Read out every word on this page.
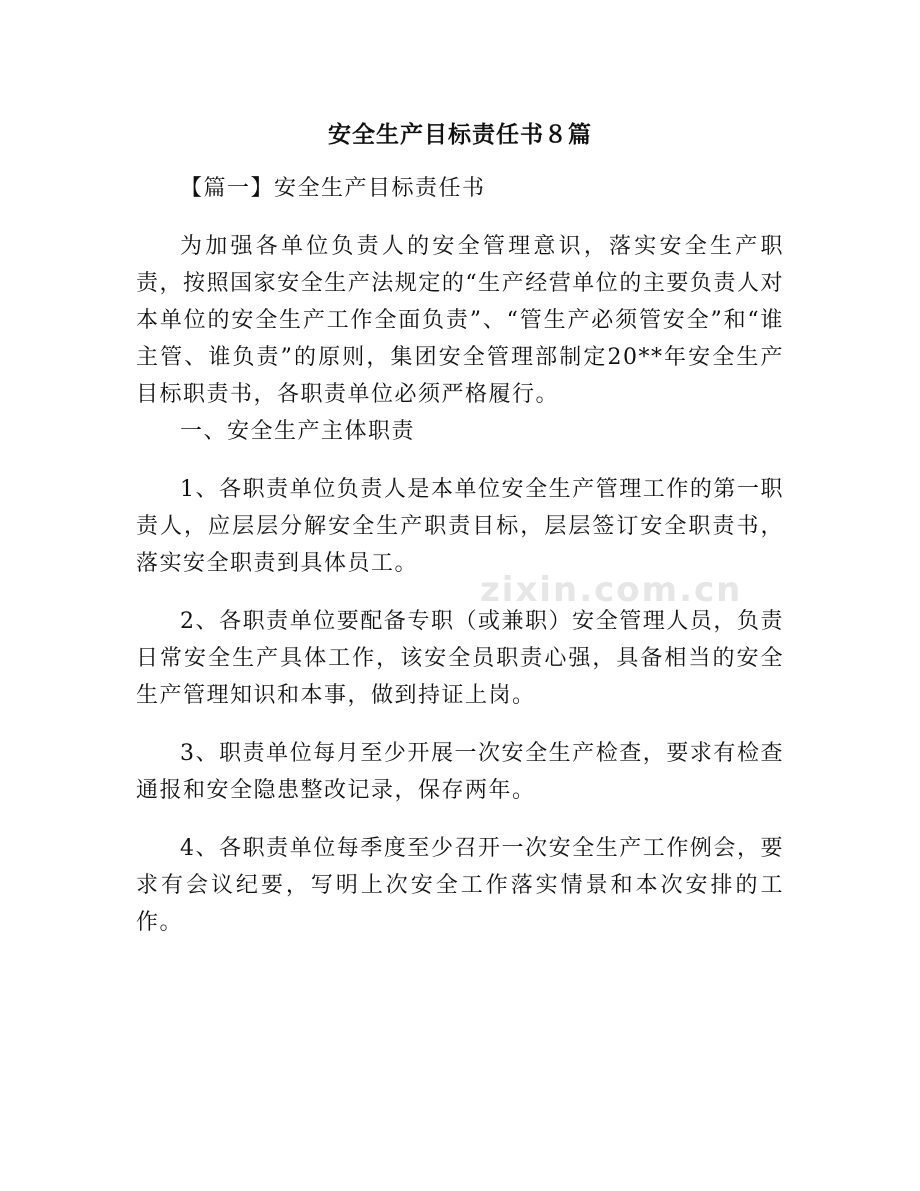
zixin.com.cn
安全生产目标责任书８篇

【篇一】安全生产目标责任书

为加强各单位负责人的安全管理意识，落实安全生产职责，按照国家安全生产法规定的“生产经营单位的主要负责人对本单位的安全生产工作全面负责”、“管生产必须管安全”和“谁主管、谁负责”的原则，集团安全管理部制定20**年安全生产目标职责书，各职责单位必须严格履行。

一、安全生产主体职责

1、各职责单位负责人是本单位安全生产管理工作的第一职责人，应层层分解安全生产职责目标，层层签订安全职责书，落实安全职责到具体员工。

2、各职责单位要配备专职（或兼职）安全管理人员，负责日常安全生产具体工作，该安全员职责心强，具备相当的安全生产管理知识和本事，做到持证上岗。

3、职责单位每月至少开展一次安全生产检查，要求有检查通报和安全隐患整改记录，保存两年。

4、各职责单位每季度至少召开一次安全生产工作例会，要求有会议纪要，写明上次安全工作落实情景和本次安排的工作。
